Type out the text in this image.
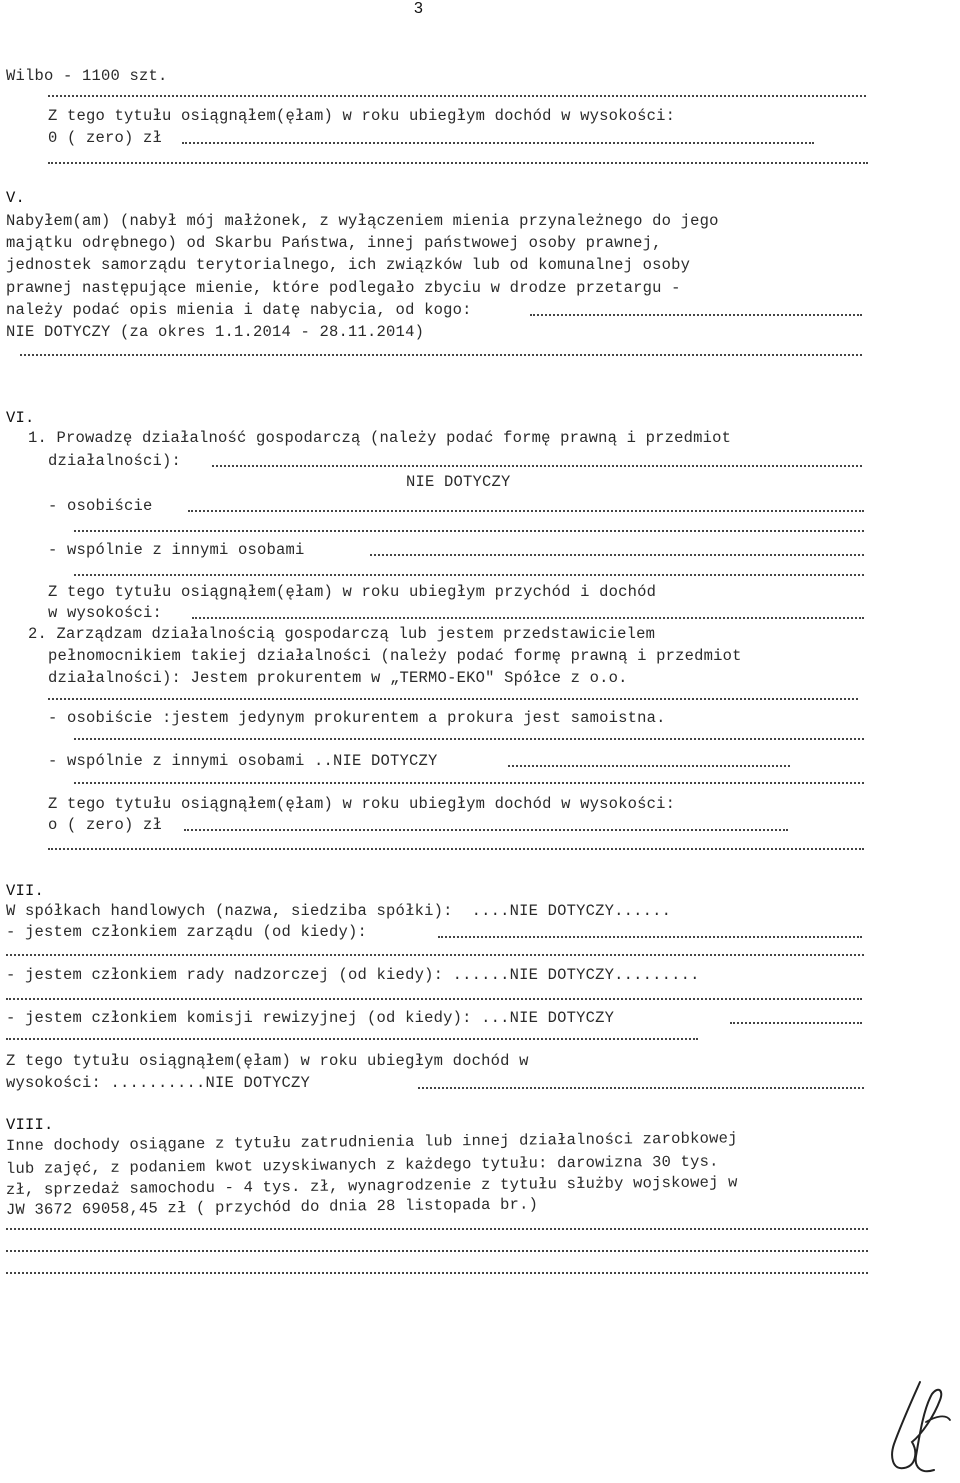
3
Wilbo - 1100 szt.
Z tego tytułu osiągnąłem(ęłam) w roku ubiegłym dochód w wysokości:
0 ( zero) zł
V.
Nabyłem(am) (nabył mój małżonek, z wyłączeniem mienia przynależnego do jego
majątku odrębnego) od Skarbu Państwa, innej państwowej osoby prawnej,
jednostek samorządu terytorialnego, ich związków lub od komunalnej osoby
prawnej następujące mienie, które podlegało zbyciu w drodze przetargu -
należy podać opis mienia i datę nabycia, od kogo:
NIE DOTYCZY (za okres 1.1.2014 - 28.11.2014)
VI.
1. Prowadzę działalność gospodarczą (należy podać formę prawną i przedmiot
działalności):
NIE DOTYCZY
- osobiście
- wspólnie z innymi osobami
Z tego tytułu osiągnąłem(ęłam) w roku ubiegłym przychód i dochód
w wysokości:
2. Zarządzam działalnością gospodarczą lub jestem przedstawicielem
pełnomocnikiem takiej działalności (należy podać formę prawną i przedmiot
działalności): Jestem prokurentem w „TERMO-EKO" Spółce z o.o.
- osobiście :jestem jedynym prokurentem a prokura jest samoistna.
- wspólnie z innymi osobami ..NIE DOTYCZY
Z tego tytułu osiągnąłem(ęłam) w roku ubiegłym dochód w wysokości:
o ( zero) zł
VII.
W spółkach handlowych (nazwa, siedziba spółki):  ....NIE DOTYCZY......
- jestem członkiem zarządu (od kiedy):
- jestem członkiem rady nadzorczej (od kiedy): ......NIE DOTYCZY.........
- jestem członkiem komisji rewizyjnej (od kiedy): ...NIE DOTYCZY
Z tego tytułu osiągnąłem(ęłam) w roku ubiegłym dochód w
wysokości: ..........NIE DOTYCZY
VIII.
Inne dochody osiągane z tytułu zatrudnienia lub innej działalności zarobkowej
lub zajęć, z podaniem kwot uzyskiwanych z każdego tytułu: darowizna 30 tys.
zł, sprzedaż samochodu - 4 tys. zł, wynagrodzenie z tytułu służby wojskowej w
JW 3672 69058,45 zł ( przychód do dnia 28 listopada br.)
